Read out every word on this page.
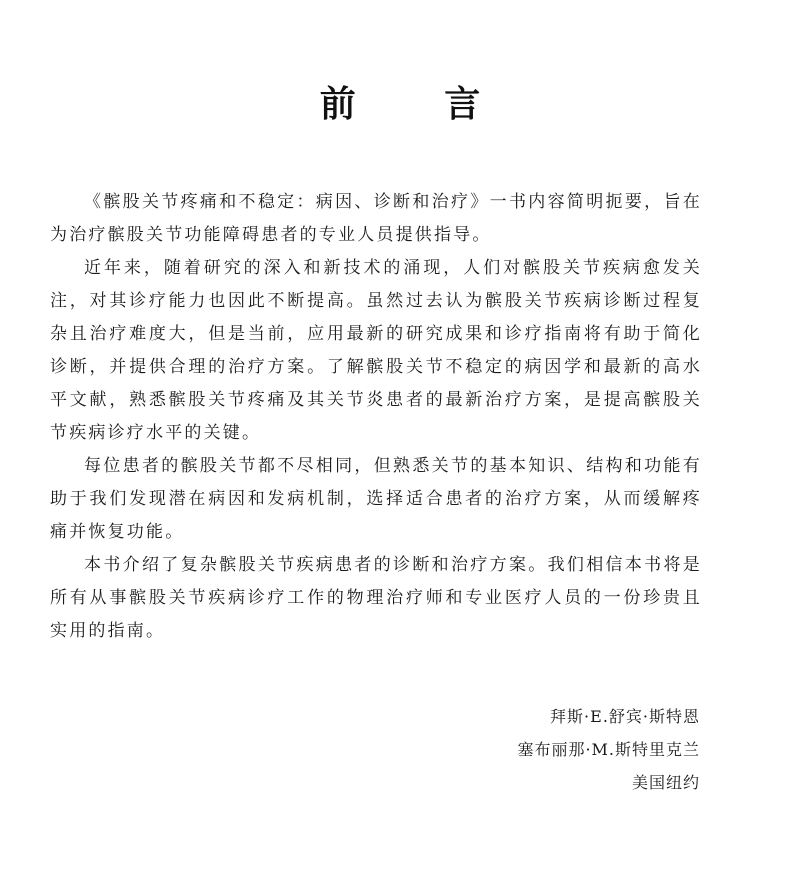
前 言

《髌股关节疼痛和不稳定：病因、诊断和治疗》一书内容简明扼要，旨在为治疗髌股关节功能障碍患者的专业人员提供指导。

近年来，随着研究的深入和新技术的涌现，人们对髌股关节疾病愈发关注，对其诊疗能力也因此不断提高。虽然过去认为髌股关节疾病诊断过程复杂且治疗难度大，但是当前，应用最新的研究成果和诊疗指南将有助于简化诊断，并提供合理的治疗方案。了解髌股关节不稳定的病因学和最新的高水平文献，熟悉髌股关节疼痛及其关节炎患者的最新治疗方案，是提高髌股关节疾病诊疗水平的关键。

每位患者的髌股关节都不尽相同，但熟悉关节的基本知识、结构和功能有助于我们发现潜在病因和发病机制，选择适合患者的治疗方案，从而缓解疼痛并恢复功能。

本书介绍了复杂髌股关节疾病患者的诊断和治疗方案。我们相信本书将是所有从事髌股关节疾病诊疗工作的物理治疗师和专业医疗人员的一份珍贵且实用的指南。

拜斯·E.舒宾·斯特恩
塞布丽那·M.斯特里克兰
美国纽约
